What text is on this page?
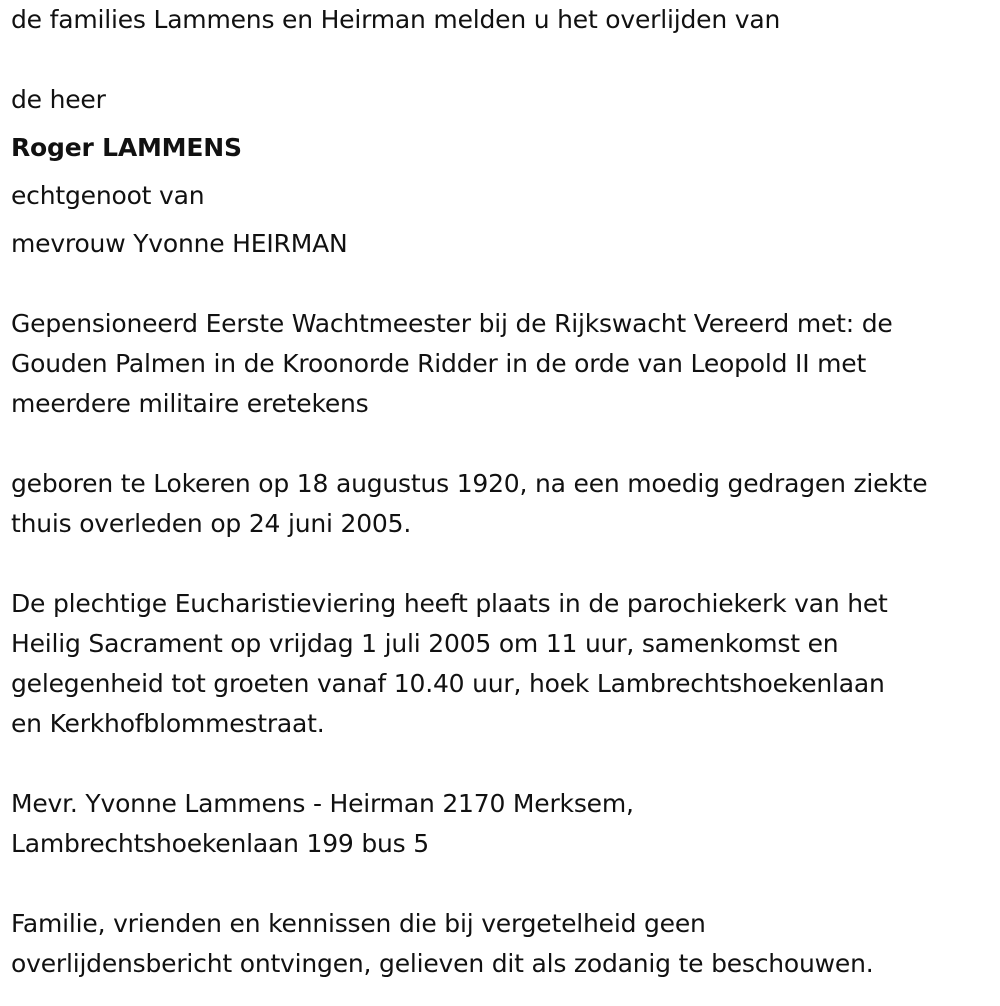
de families Lammens en Heirman melden u het overlijden van
de heer
Roger LAMMENS
echtgenoot van
mevrouw Yvonne HEIRMAN
Gepensioneerd Eerste Wachtmeester bij de Rijkswacht Vereerd met: de
Gouden Palmen in de Kroonorde Ridder in de orde van Leopold II met
meerdere militaire eretekens
geboren te Lokeren op 18 augustus 1920, na een moedig gedragen ziekte
thuis overleden op 24 juni 2005.
De plechtige Eucharistieviering heeft plaats in de parochiekerk van het
Heilig Sacrament op vrijdag 1 juli 2005 om 11 uur, samenkomst en
gelegenheid tot groeten vanaf 10.40 uur, hoek Lambrechtshoekenlaan
en Kerkhofblommestraat.
Mevr. Yvonne Lammens - Heirman 2170 Merksem,
Lambrechtshoekenlaan 199 bus 5
Familie, vrienden en kennissen die bij vergetelheid geen
overlijdensbericht ontvingen, gelieven dit als zodanig te beschouwen.
